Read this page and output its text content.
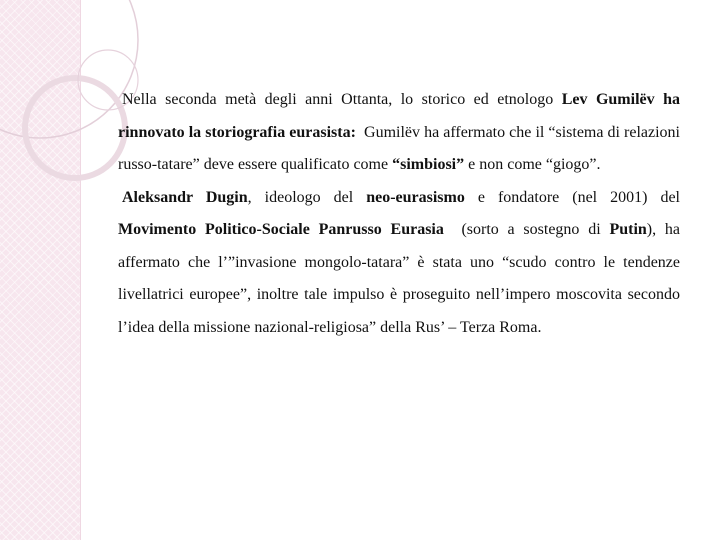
Nella seconda metà degli anni Ottanta, lo storico ed etnologo Lev Gumilëv ha rinnovato la storiografia eurasista:  Gumilëv ha affermato che il “sistema di relazioni russo-tatare” deve essere qualificato come “simbiosi” e non come “giogo”.

Aleksandr Dugin, ideologo del neo-eurasismo e fondatore (nel 2001) del Movimento Politico-Sociale Panrusso Eurasia  (sorto a sostegno di Putin), ha affermato che l’”invasione mongolo-tatara” è stata uno “scudo contro le tendenze livellatrici europee”, inoltre tale impulso è proseguito nell’impero moscovita secondo l’idea della missione nazional-religiosa” della Rus’ – Terza Roma.
